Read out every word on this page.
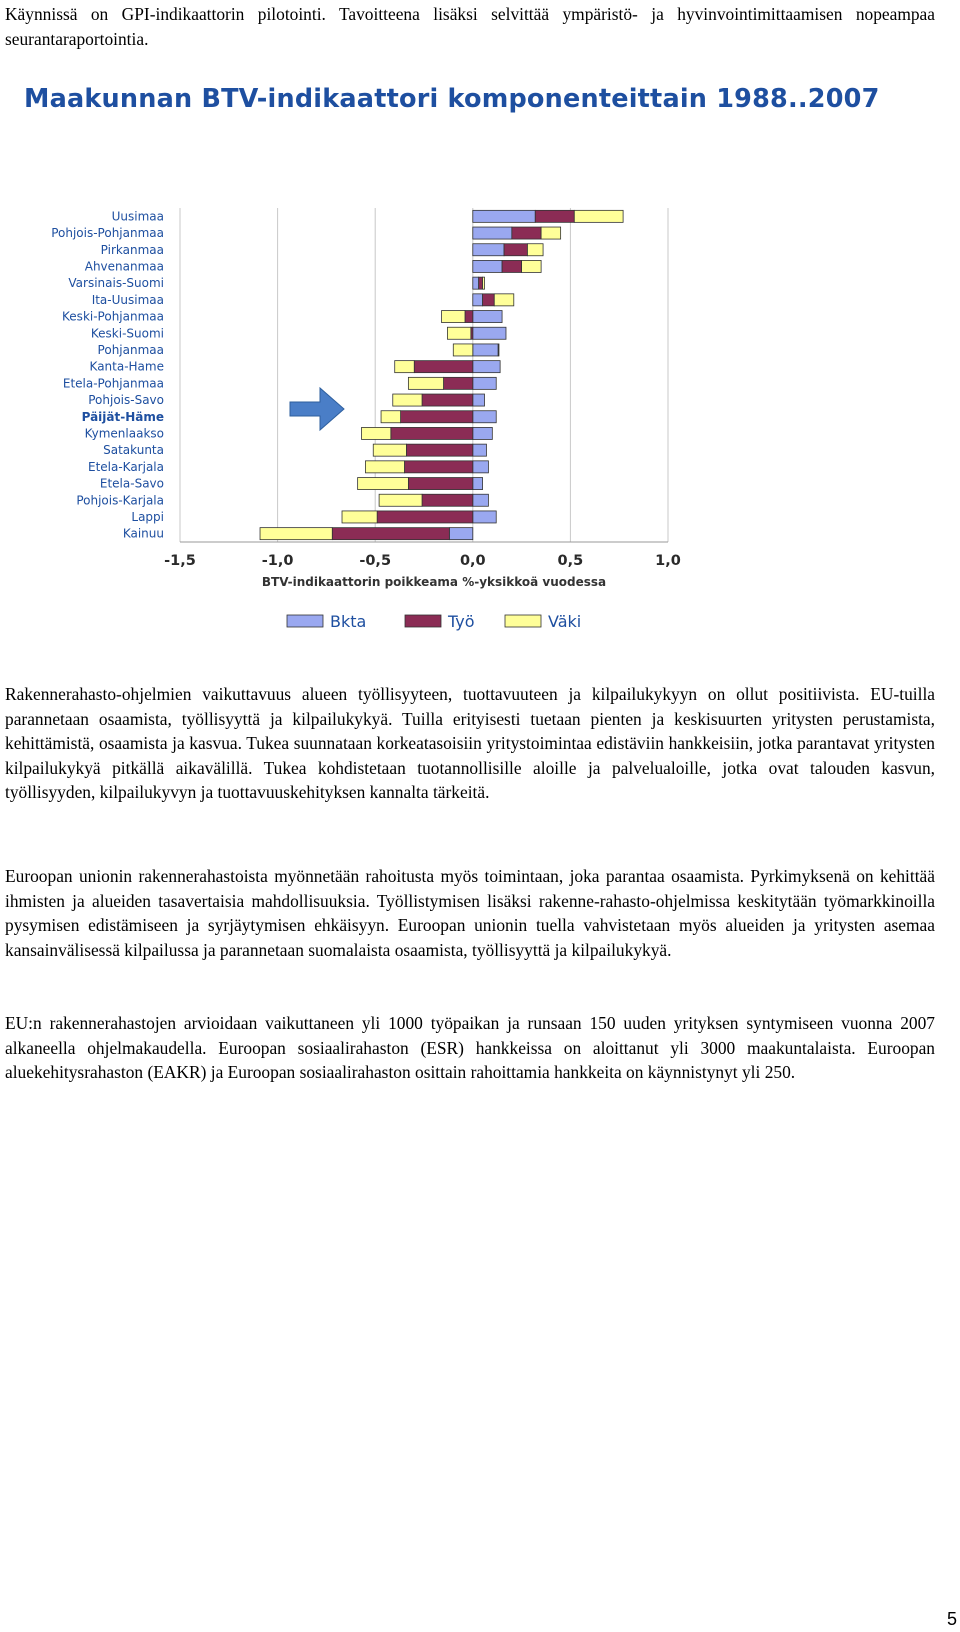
Käynnissä on GPI-indikaattorin pilotointi. Tavoitteena lisäksi selvittää ympäristö- ja hyvinvointimittaamisen nopeampaa seurantaraportointia.

Maakunnan BTV-indikaattori komponenteittain 1988..2007
Uusimaa
Pohjois-Pohjanmaa
Pirkanmaa
Ahvenanmaa
Varsinais-Suomi
Ita-Uusimaa
Keski-Pohjanmaa
Keski-Suomi
Pohjanmaa
Kanta-Hame
Etela-Pohjanmaa
Pohjois-Savo
Päijät-Häme
Kymenlaakso
Satakunta
Etela-Karjala
Etela-Savo
Pohjois-Karjala
Lappi
Kainuu
-1,5	-1,0	-0,5	0,0	0,5	1,0
BTV-indikaattorin poikkeama %-yksikkoä vuodessa
Bkta	Työ	Väki

Rakennerahasto-ohjelmien vaikuttavuus alueen työllisyyteen, tuottavuuteen ja kilpailukykyyn on ollut positiivista. EU-tuilla parannetaan osaamista, työllisyyttä ja kilpailukykyä. Tuilla erityisesti tuetaan pienten ja keskisuurten yritysten perustamista, kehittämistä, osaamista ja kasvua. Tukea suunnataan korkeatasoisiin yritystoimintaa edistäviin hankkeisiin, jotka parantavat yritysten kilpailukykyä pitkällä aikavälillä. Tukea kohdistetaan tuotannollisille aloille ja palvelualoille, jotka ovat talouden kasvun, työllisyyden, kilpailukyvyn ja tuottavuuskehityksen kannalta tärkeitä.

Euroopan unionin rakennerahastoista myönnetään rahoitusta myös toimintaan, joka parantaa osaamista. Pyrkimyksenä on kehittää ihmisten ja alueiden tasavertaisia mahdollisuuksia. Työllistymisen lisäksi rakenne-rahasto-ohjelmissa keskitytään työmarkkinoilla pysymisen edistämiseen ja syrjäytymisen ehkäisyyn. Euroopan unionin tuella vahvistetaan myös alueiden ja yritysten asemaa kansainvälisessä kilpailussa ja parannetaan suomalaista osaamista, työllisyyttä ja kilpailukykyä.

EU:n rakennerahastojen arvioidaan vaikuttaneen yli 1000 työpaikan ja runsaan 150 uuden yrityksen syntymiseen vuonna 2007 alkaneella ohjelmakaudella. Euroopan sosiaalirahaston (ESR) hankkeissa on aloittanut yli 3000 maakuntalaista. Euroopan aluekehitysrahaston (EAKR) ja Euroopan sosiaalirahaston osittain rahoittamia hankkeita on käynnistynyt yli 250.

5
